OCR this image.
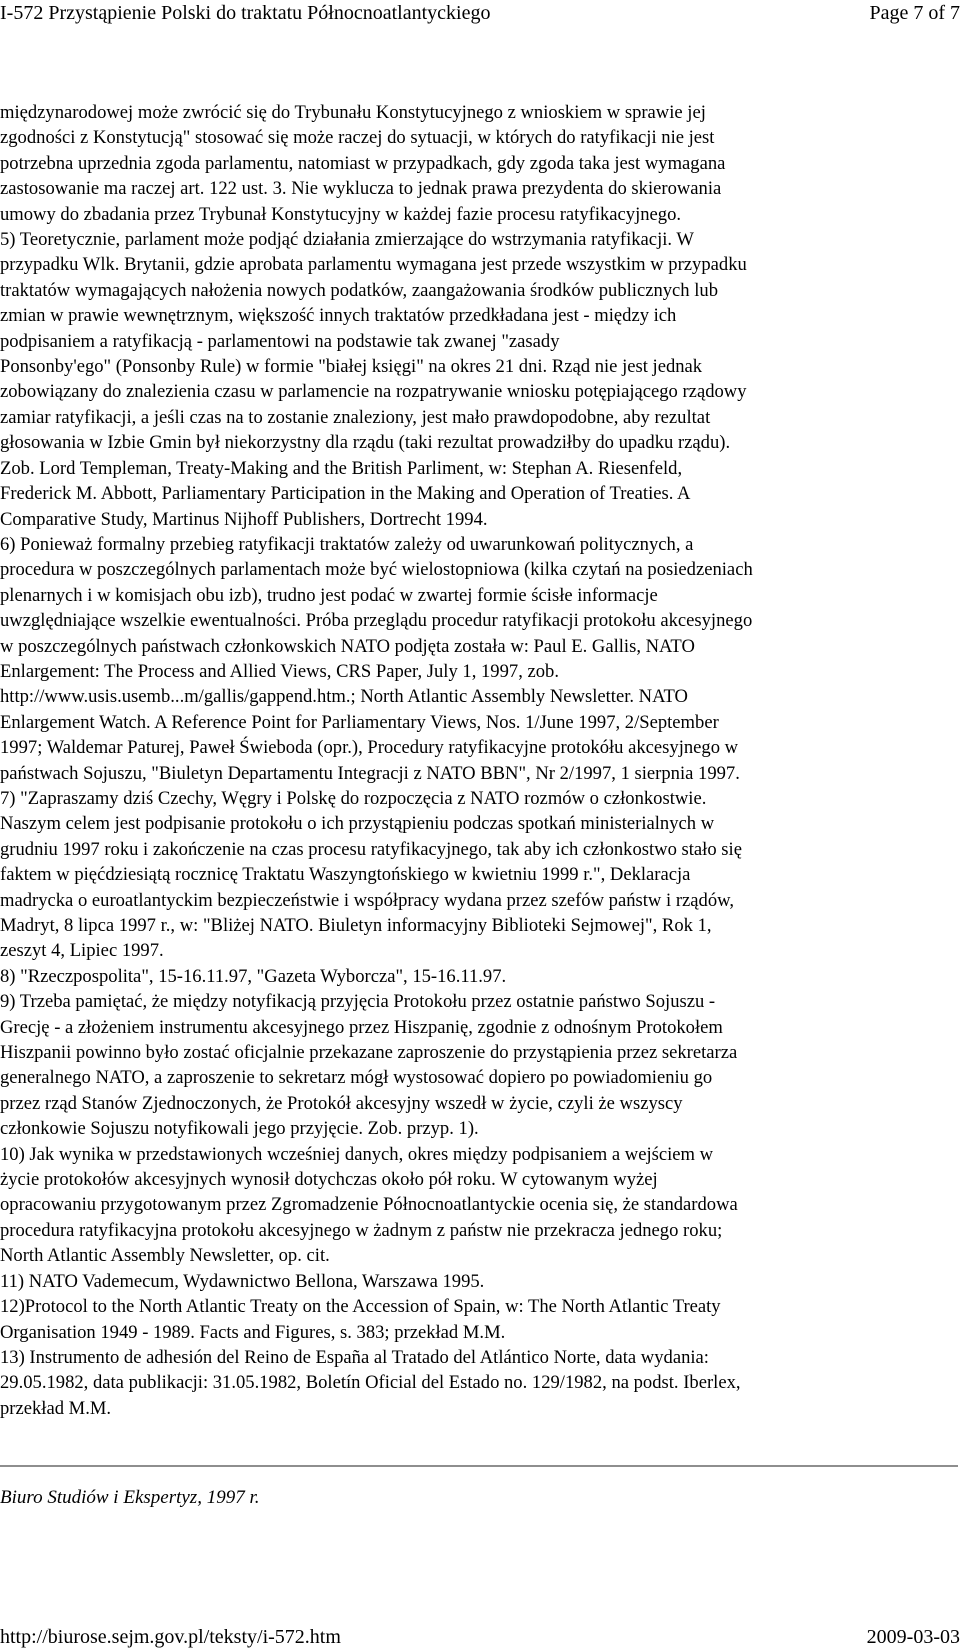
I-572 Przystąpienie Polski do traktatu Północnoatlantyckiego	Page 7 of 7

międzynarodowej może zwrócić się do Trybunału Konstytucyjnego z wnioskiem w sprawie jej
zgodności z Konstytucją" stosować się może raczej do sytuacji, w których do ratyfikacji nie jest
potrzebna uprzednia zgoda parlamentu, natomiast w przypadkach, gdy zgoda taka jest wymagana
zastosowanie ma raczej art. 122 ust. 3. Nie wyklucza to jednak prawa prezydenta do skierowania
umowy do zbadania przez Trybunał Konstytucyjny w każdej fazie procesu ratyfikacyjnego.

5) Teoretycznie, parlament może podjąć działania zmierzające do wstrzymania ratyfikacji. W
przypadku Wlk. Brytanii, gdzie aprobata parlamentu wymagana jest przede wszystkim w przypadku
traktatów wymagających nałożenia nowych podatków, zaangażowania środków publicznych lub
zmian w prawie wewnętrznym, większość innych traktatów przedkładana jest - między ich
podpisaniem a ratyfikacją - parlamentowi na podstawie tak zwanej "zasady
Ponsonby'ego" (Ponsonby Rule) w formie "białej księgi" na okres 21 dni. Rząd nie jest jednak
zobowiązany do znalezienia czasu w parlamencie na rozpatrywanie wniosku potępiającego rządowy
zamiar ratyfikacji, a jeśli czas na to zostanie znaleziony, jest mało prawdopodobne, aby rezultat
głosowania w Izbie Gmin był niekorzystny dla rządu (taki rezultat prowadziłby do upadku rządu).
Zob. Lord Templeman, Treaty-Making and the British Parliment, w: Stephan A. Riesenfeld,
Frederick M. Abbott, Parliamentary Participation in the Making and Operation of Treaties. A
Comparative Study, Martinus Nijhoff Publishers, Dortrecht 1994.

6) Ponieważ formalny przebieg ratyfikacji traktatów zależy od uwarunkowań politycznych, a
procedura w poszczególnych parlamentach może być wielostopniowa (kilka czytań na posiedzeniach
plenarnych i w komisjach obu izb), trudno jest podać w zwartej formie ścisłe informacje
uwzględniające wszelkie ewentualności. Próba przeglądu procedur ratyfikacji protokołu akcesyjnego
w poszczególnych państwach członkowskich NATO podjęta została w: Paul E. Gallis, NATO
Enlargement: The Process and Allied Views, CRS Paper, July 1, 1997, zob.
http://www.usis.usemb...m/gallis/gappend.htm.; North Atlantic Assembly Newsletter. NATO
Enlargement Watch. A Reference Point for Parliamentary Views, Nos. 1/June 1997, 2/September
1997; Waldemar Paturej, Paweł Świeboda (opr.), Procedury ratyfikacyjne protokółu akcesyjnego w
państwach Sojuszu, "Biuletyn Departamentu Integracji z NATO BBN", Nr 2/1997, 1 sierpnia 1997.

7) "Zapraszamy dziś Czechy, Węgry i Polskę do rozpoczęcia z NATO rozmów o członkostwie.
Naszym celem jest podpisanie protokołu o ich przystąpieniu podczas spotkań ministerialnych w
grudniu 1997 roku i zakończenie na czas procesu ratyfikacyjnego, tak aby ich członkostwo stało się
faktem w pięćdziesiątą rocznicę Traktatu Waszyngtońskiego w kwietniu 1999 r.", Deklaracja
madrycka o euroatlantyckim bezpieczeństwie i współpracy wydana przez szefów państw i rządów,
Madryt, 8 lipca 1997 r., w: "Bliżej NATO. Biuletyn informacyjny Biblioteki Sejmowej", Rok 1,
zeszyt 4, Lipiec 1997.

8) "Rzeczpospolita", 15-16.11.97, "Gazeta Wyborcza", 15-16.11.97.

9) Trzeba pamiętać, że między notyfikacją przyjęcia Protokołu przez ostatnie państwo Sojuszu -
Grecję - a złożeniem instrumentu akcesyjnego przez Hiszpanię, zgodnie z odnośnym Protokołem
Hiszpanii powinno było zostać oficjalnie przekazane zaproszenie do przystąpienia przez sekretarza
generalnego NATO, a zaproszenie to sekretarz mógł wystosować dopiero po powiadomieniu go
przez rząd Stanów Zjednoczonych, że Protokół akcesyjny wszedł w życie, czyli że wszyscy
członkowie Sojuszu notyfikowali jego przyjęcie. Zob. przyp. 1).

10) Jak wynika w przedstawionych wcześniej danych, okres między podpisaniem a wejściem w
życie protokołów akcesyjnych wynosił dotychczas około pół roku. W cytowanym wyżej
opracowaniu przygotowanym przez Zgromadzenie Północnoatlantyckie ocenia się, że standardowa
procedura ratyfikacyjna protokołu akcesyjnego w żadnym z państw nie przekracza jednego roku;
North Atlantic Assembly Newsletter, op. cit.

11) NATO Vademecum, Wydawnictwo Bellona, Warszawa 1995.

12)Protocol to the North Atlantic Treaty on the Accession of Spain, w: The North Atlantic Treaty
Organisation 1949 - 1989. Facts and Figures, s. 383; przekład M.M.

13) Instrumento de adhesión del Reino de España al Tratado del Atlántico Norte, data wydania:
29.05.1982, data publikacji: 31.05.1982, Boletín Oficial del Estado no. 129/1982, na podst. Iberlex,
przekład M.M.

Biuro Studiów i Ekspertyz, 1997 r.
http://biurose.sejm.gov.pl/teksty/i-572.htm	2009-03-03
